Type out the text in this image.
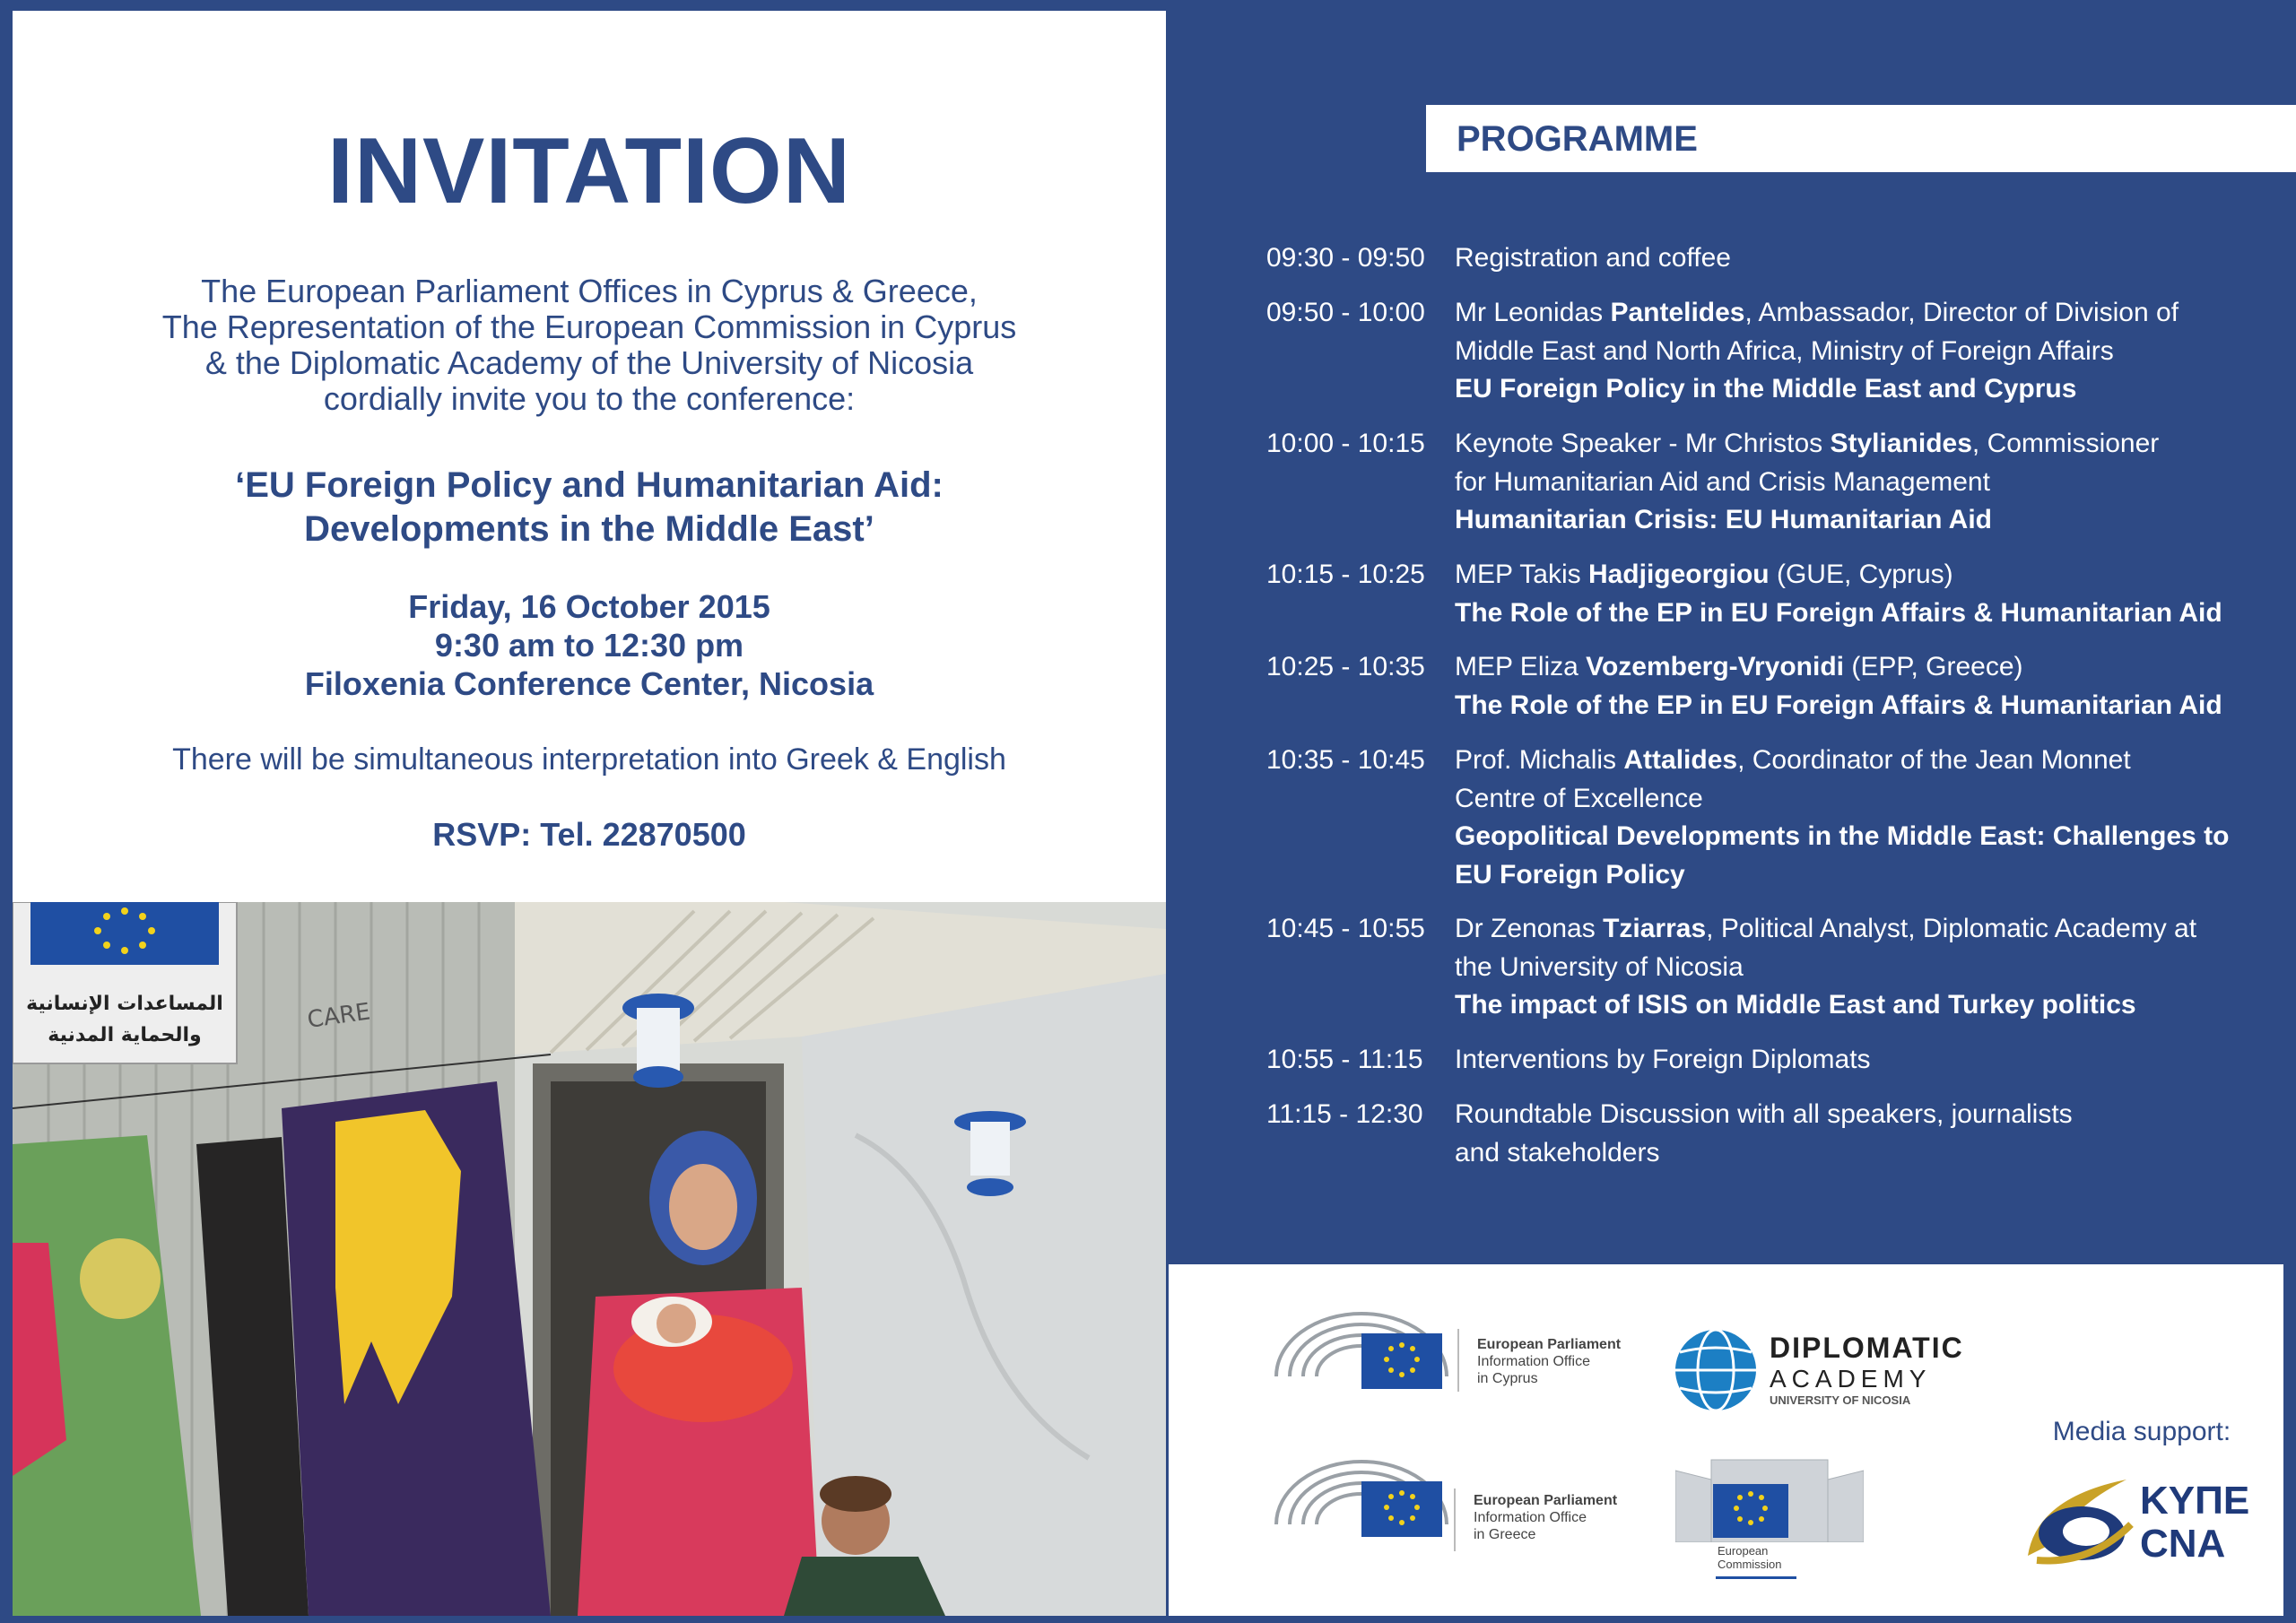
INVITATION
The European Parliament Offices in Cyprus & Greece,
The Representation of the European Commission in Cyprus
& the Diplomatic Academy of the University of Nicosia
cordially invite you to the conference:
‘EU Foreign Policy and Humanitarian Aid:
Developments in the Middle East’
Friday, 16 October 2015
9:30 am to 12:30 pm
Filoxenia Conference Center, Nicosia
There will be simultaneous interpretation into Greek & English
RSVP: Tel. 22870500
المساعدات الإنسانية
والحماية المدنية
CARE
PROGRAMME
09:30 - 09:50	Registration and coffee
09:50 - 10:00	Mr Leonidas Pantelides, Ambassador, Director of Division of
Middle East and North Africa, Ministry of Foreign Affairs
EU Foreign Policy in the Middle East and Cyprus
10:00 - 10:15	Keynote Speaker - Mr Christos Stylianides, Commissioner
for Humanitarian Aid and Crisis Management
Humanitarian Crisis: EU Humanitarian Aid
10:15 - 10:25	MEP Takis Hadjigeorgiou (GUE, Cyprus)
The Role of the EP in EU Foreign Affairs & Humanitarian Aid
10:25 - 10:35	MEP Eliza Vozemberg-Vryonidi (EPP, Greece)
The Role of the EP in EU Foreign Affairs & Humanitarian Aid
10:35 - 10:45	Prof. Michalis Attalides, Coordinator of the Jean Monnet
Centre of Excellence
Geopolitical Developments in the Middle East: Challenges to EU Foreign Policy
10:45 - 10:55	Dr Zenonas Tziarras, Political Analyst, Diplomatic Academy at
the University of Nicosia
The impact of ISIS on Middle East and Turkey politics
10:55 - 11:15	Interventions by Foreign Diplomats
11:15 - 12:30	Roundtable Discussion with all speakers, journalists
and stakeholders
European Parliament
Information Office
in Cyprus
DIPLOMATIC
ACADEMY
UNIVERSITY OF NICOSIA
European Parliament
Information Office
in Greece
European
Commission
Media support:
ΚΥΠΕ
CNA
